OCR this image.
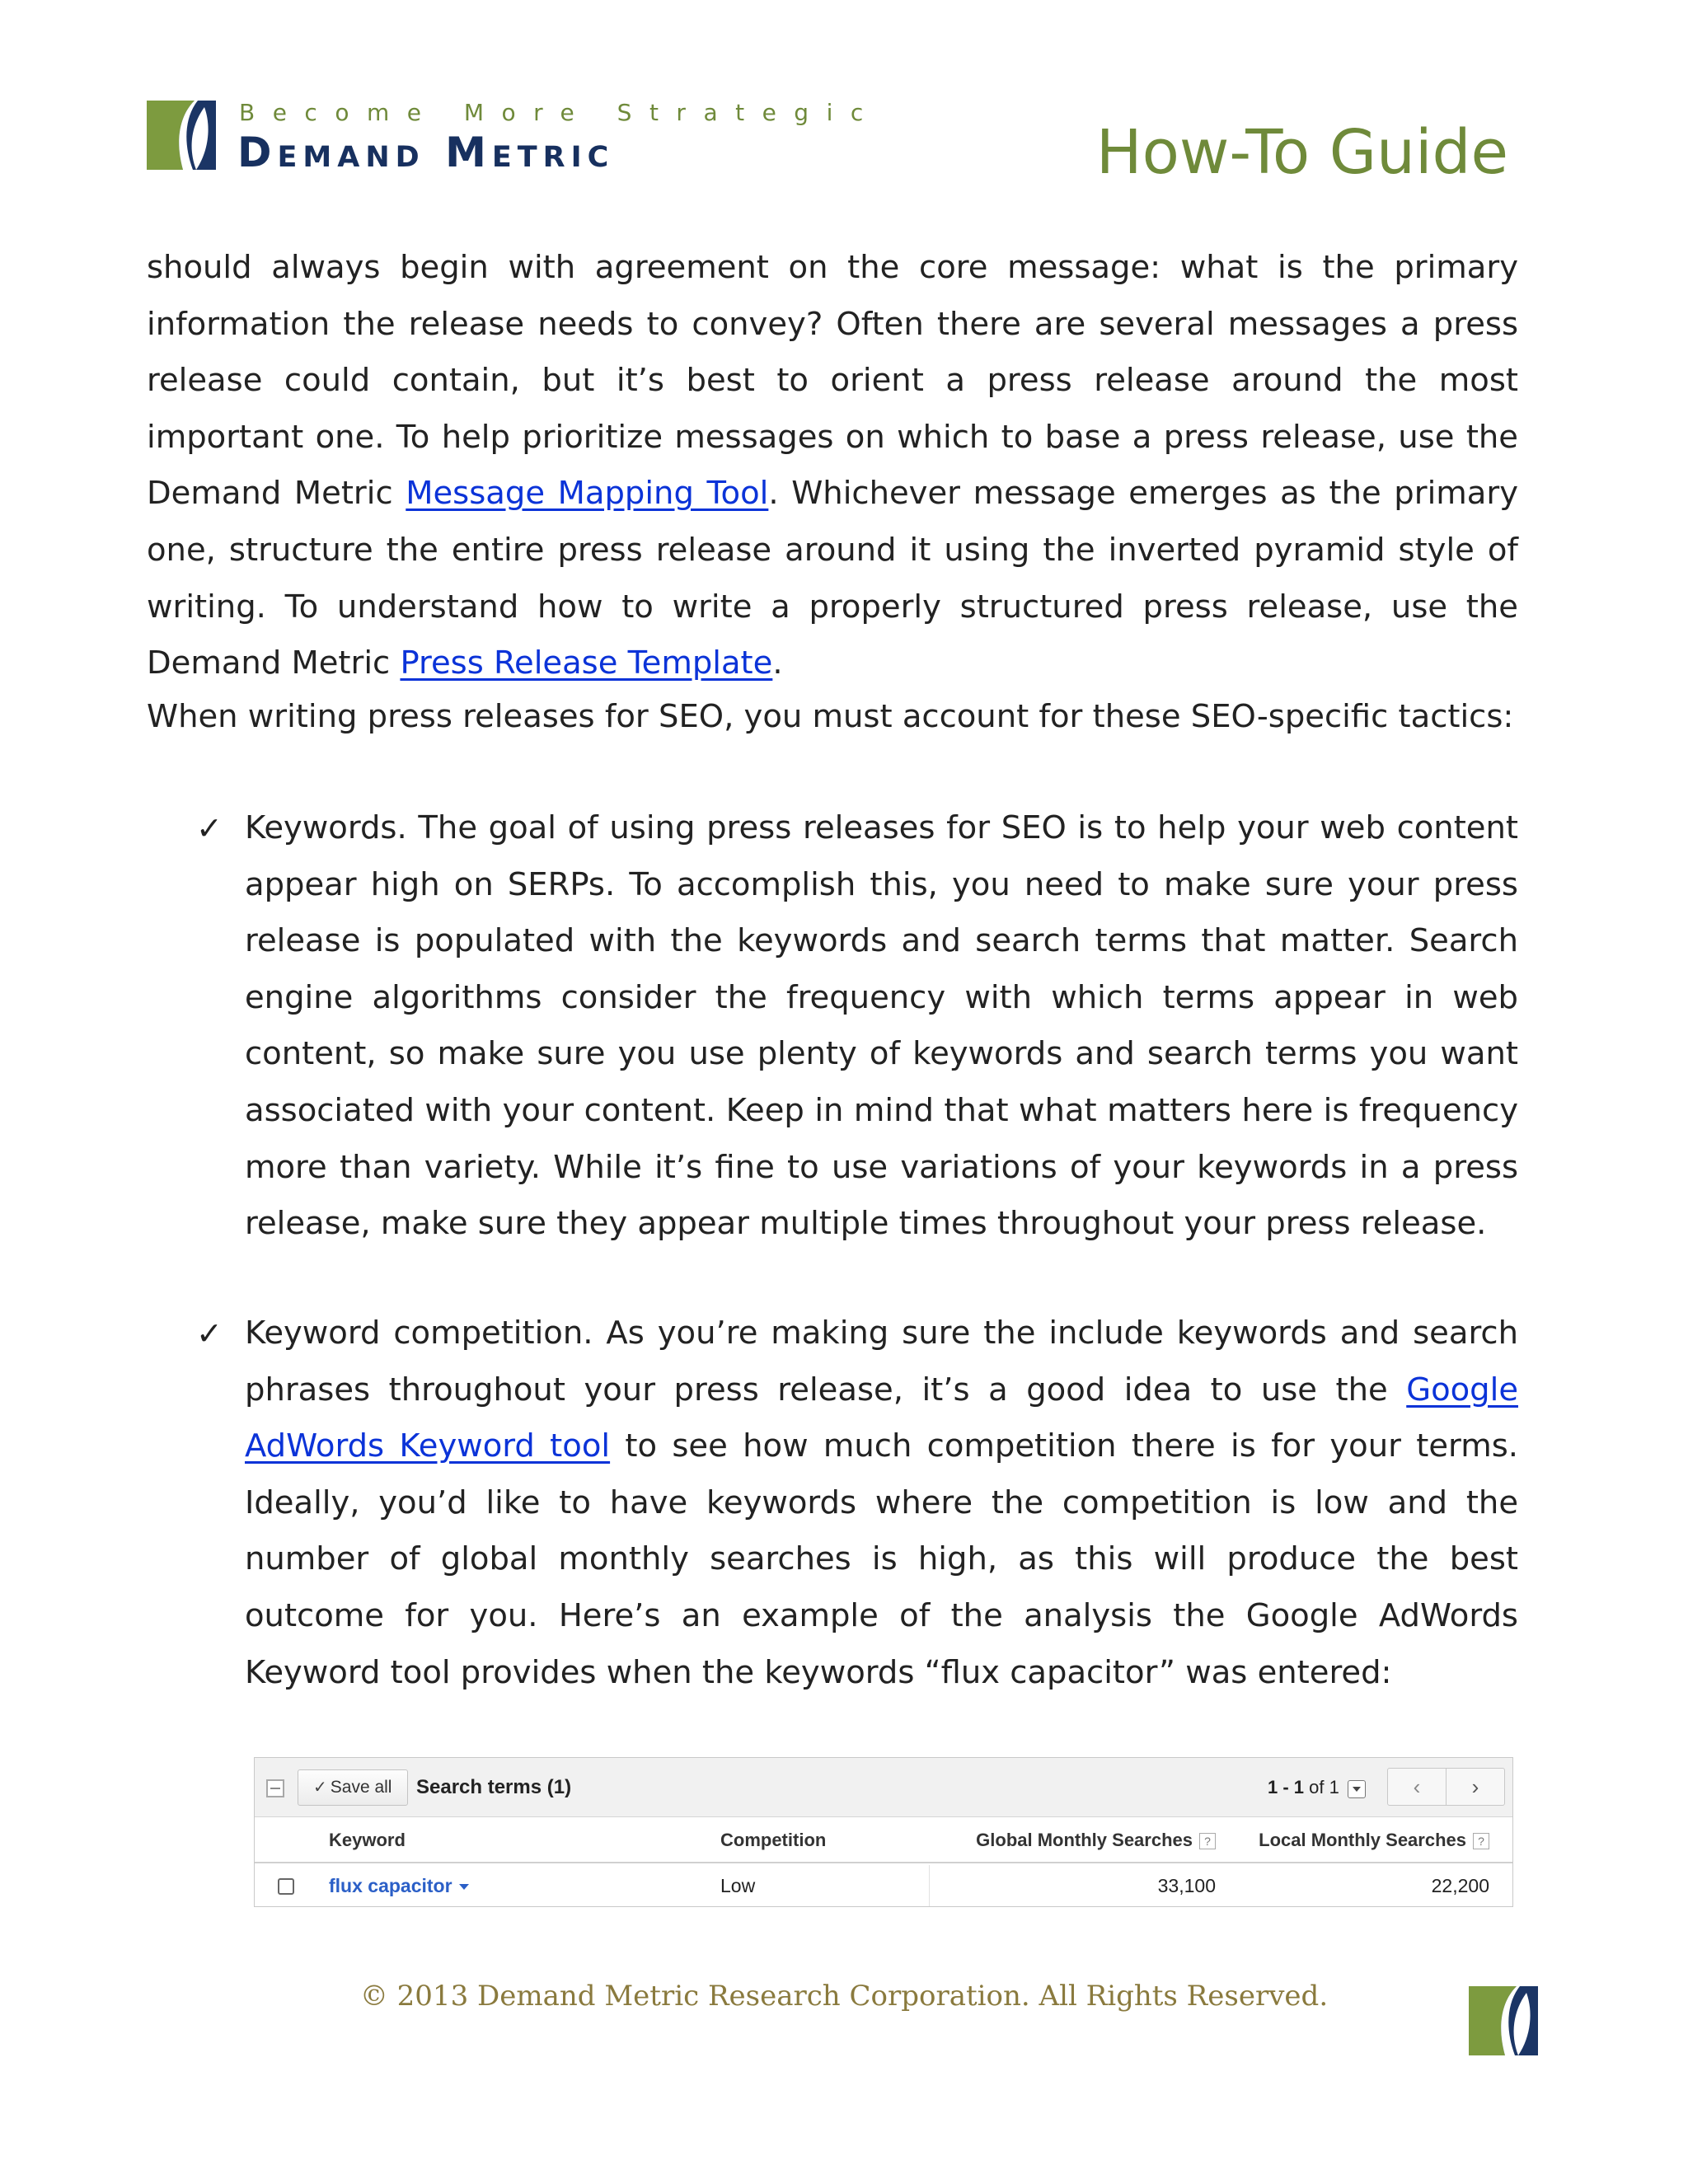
Become More Strategic
Demand Metric	How-To Guide

should always begin with agreement on the core message: what is the primary information the release needs to convey? Often there are several messages a press release could contain, but it’s best to orient a press release around the most important one. To help prioritize messages on which to base a press release, use the Demand Metric Message Mapping Tool. Whichever message emerges as the primary one, structure the entire press release around it using the inverted pyramid style of writing. To understand how to write a properly structured press release, use the Demand Metric Press Release Template.

When writing press releases for SEO, you must account for these SEO-specific tactics:

✓ Keywords. The goal of using press releases for SEO is to help your web content appear high on SERPs. To accomplish this, you need to make sure your press release is populated with the keywords and search terms that matter. Search engine algorithms consider the frequency with which terms appear in web content, so make sure you use plenty of keywords and search terms you want associated with your content. Keep in mind that what matters here is frequency more than variety. While it’s fine to use variations of your keywords in a press release, make sure they appear multiple times throughout your press release.

✓ Keyword competition. As you’re making sure the include keywords and search phrases throughout your press release, it’s a good idea to use the Google AdWords Keyword tool to see how much competition there is for your terms. Ideally, you’d like to have keywords where the competition is low and the number of global monthly searches is high, as this will produce the best outcome for you. Here’s an example of the analysis the Google AdWords Keyword tool provides when the keywords “flux capacitor” was entered:

✓ Save all	Search terms (1)	1 - 1 of 1	‹	›
Keyword	Competition	Global Monthly Searches ?	Local Monthly Searches ?
flux capacitor	Low	33,100	22,200
© 2013 Demand Metric Research Corporation. All Rights Reserved.
